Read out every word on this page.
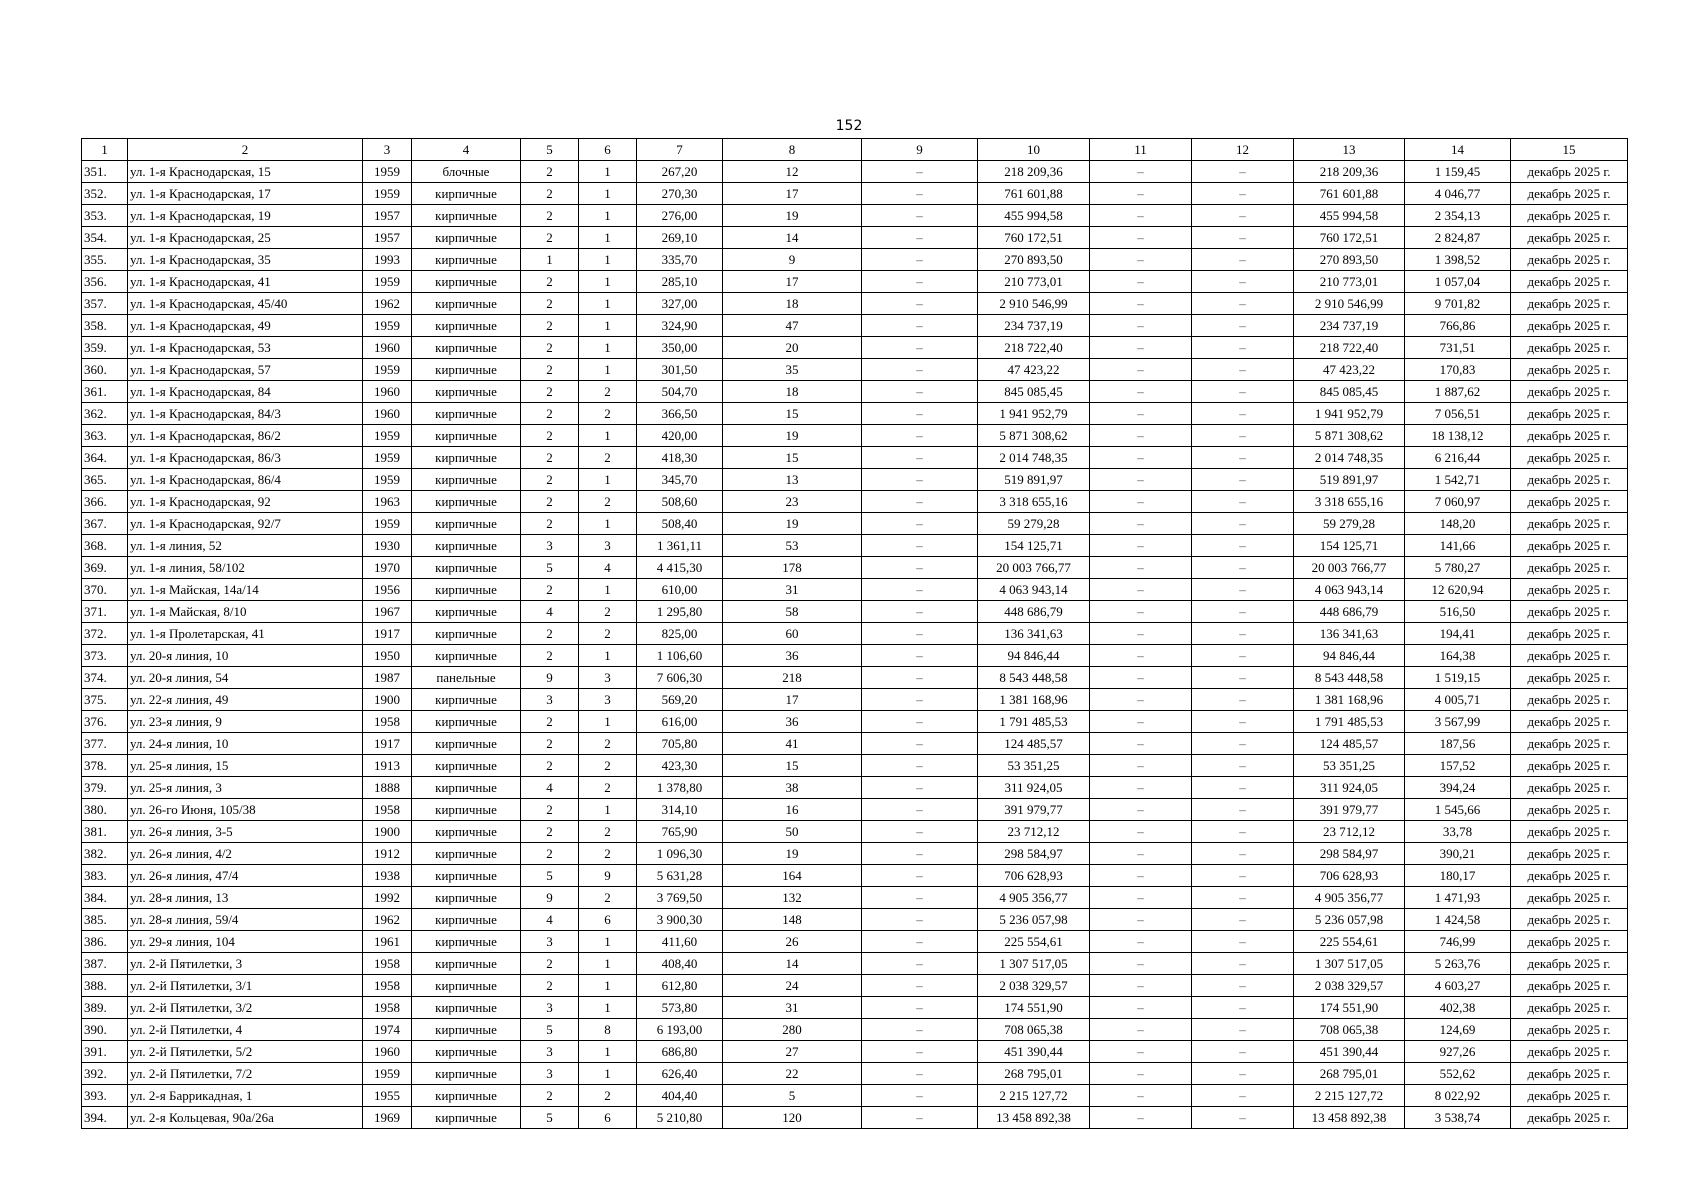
152
1	2	3	4	5	6	7	8	9	10	11	12	13	14	15
351.	ул. 1-я Краснодарская, 15	1959	блочные	2	1	267,20	12	–	218 209,36	–	–	218 209,36	1 159,45	декабрь 2025 г.
352.	ул. 1-я Краснодарская, 17	1959	кирпичные	2	1	270,30	17	–	761 601,88	–	–	761 601,88	4 046,77	декабрь 2025 г.
353.	ул. 1-я Краснодарская, 19	1957	кирпичные	2	1	276,00	19	–	455 994,58	–	–	455 994,58	2 354,13	декабрь 2025 г.
354.	ул. 1-я Краснодарская, 25	1957	кирпичные	2	1	269,10	14	–	760 172,51	–	–	760 172,51	2 824,87	декабрь 2025 г.
355.	ул. 1-я Краснодарская, 35	1993	кирпичные	1	1	335,70	9	–	270 893,50	–	–	270 893,50	1 398,52	декабрь 2025 г.
356.	ул. 1-я Краснодарская, 41	1959	кирпичные	2	1	285,10	17	–	210 773,01	–	–	210 773,01	1 057,04	декабрь 2025 г.
357.	ул. 1-я Краснодарская, 45/40	1962	кирпичные	2	1	327,00	18	–	2 910 546,99	–	–	2 910 546,99	9 701,82	декабрь 2025 г.
358.	ул. 1-я Краснодарская, 49	1959	кирпичные	2	1	324,90	47	–	234 737,19	–	–	234 737,19	766,86	декабрь 2025 г.
359.	ул. 1-я Краснодарская, 53	1960	кирпичные	2	1	350,00	20	–	218 722,40	–	–	218 722,40	731,51	декабрь 2025 г.
360.	ул. 1-я Краснодарская, 57	1959	кирпичные	2	1	301,50	35	–	47 423,22	–	–	47 423,22	170,83	декабрь 2025 г.
361.	ул. 1-я Краснодарская, 84	1960	кирпичные	2	2	504,70	18	–	845 085,45	–	–	845 085,45	1 887,62	декабрь 2025 г.
362.	ул. 1-я Краснодарская, 84/3	1960	кирпичные	2	2	366,50	15	–	1 941 952,79	–	–	1 941 952,79	7 056,51	декабрь 2025 г.
363.	ул. 1-я Краснодарская, 86/2	1959	кирпичные	2	1	420,00	19	–	5 871 308,62	–	–	5 871 308,62	18 138,12	декабрь 2025 г.
364.	ул. 1-я Краснодарская, 86/3	1959	кирпичные	2	2	418,30	15	–	2 014 748,35	–	–	2 014 748,35	6 216,44	декабрь 2025 г.
365.	ул. 1-я Краснодарская, 86/4	1959	кирпичные	2	1	345,70	13	–	519 891,97	–	–	519 891,97	1 542,71	декабрь 2025 г.
366.	ул. 1-я Краснодарская, 92	1963	кирпичные	2	2	508,60	23	–	3 318 655,16	–	–	3 318 655,16	7 060,97	декабрь 2025 г.
367.	ул. 1-я Краснодарская, 92/7	1959	кирпичные	2	1	508,40	19	–	59 279,28	–	–	59 279,28	148,20	декабрь 2025 г.
368.	ул. 1-я линия, 52	1930	кирпичные	3	3	1 361,11	53	–	154 125,71	–	–	154 125,71	141,66	декабрь 2025 г.
369.	ул. 1-я линия, 58/102	1970	кирпичные	5	4	4 415,30	178	–	20 003 766,77	–	–	20 003 766,77	5 780,27	декабрь 2025 г.
370.	ул. 1-я Майская, 14а/14	1956	кирпичные	2	1	610,00	31	–	4 063 943,14	–	–	4 063 943,14	12 620,94	декабрь 2025 г.
371.	ул. 1-я Майская, 8/10	1967	кирпичные	4	2	1 295,80	58	–	448 686,79	–	–	448 686,79	516,50	декабрь 2025 г.
372.	ул. 1-я Пролетарская, 41	1917	кирпичные	2	2	825,00	60	–	136 341,63	–	–	136 341,63	194,41	декабрь 2025 г.
373.	ул. 20-я линия, 10	1950	кирпичные	2	1	1 106,60	36	–	94 846,44	–	–	94 846,44	164,38	декабрь 2025 г.
374.	ул. 20-я линия, 54	1987	панельные	9	3	7 606,30	218	–	8 543 448,58	–	–	8 543 448,58	1 519,15	декабрь 2025 г.
375.	ул. 22-я линия, 49	1900	кирпичные	3	3	569,20	17	–	1 381 168,96	–	–	1 381 168,96	4 005,71	декабрь 2025 г.
376.	ул. 23-я линия, 9	1958	кирпичные	2	1	616,00	36	–	1 791 485,53	–	–	1 791 485,53	3 567,99	декабрь 2025 г.
377.	ул. 24-я линия, 10	1917	кирпичные	2	2	705,80	41	–	124 485,57	–	–	124 485,57	187,56	декабрь 2025 г.
378.	ул. 25-я линия, 15	1913	кирпичные	2	2	423,30	15	–	53 351,25	–	–	53 351,25	157,52	декабрь 2025 г.
379.	ул. 25-я линия, 3	1888	кирпичные	4	2	1 378,80	38	–	311 924,05	–	–	311 924,05	394,24	декабрь 2025 г.
380.	ул. 26-го Июня, 105/38	1958	кирпичные	2	1	314,10	16	–	391 979,77	–	–	391 979,77	1 545,66	декабрь 2025 г.
381.	ул. 26-я линия, 3-5	1900	кирпичные	2	2	765,90	50	–	23 712,12	–	–	23 712,12	33,78	декабрь 2025 г.
382.	ул. 26-я линия, 4/2	1912	кирпичные	2	2	1 096,30	19	–	298 584,97	–	–	298 584,97	390,21	декабрь 2025 г.
383.	ул. 26-я линия, 47/4	1938	кирпичные	5	9	5 631,28	164	–	706 628,93	–	–	706 628,93	180,17	декабрь 2025 г.
384.	ул. 28-я линия, 13	1992	кирпичные	9	2	3 769,50	132	–	4 905 356,77	–	–	4 905 356,77	1 471,93	декабрь 2025 г.
385.	ул. 28-я линия, 59/4	1962	кирпичные	4	6	3 900,30	148	–	5 236 057,98	–	–	5 236 057,98	1 424,58	декабрь 2025 г.
386.	ул. 29-я линия, 104	1961	кирпичные	3	1	411,60	26	–	225 554,61	–	–	225 554,61	746,99	декабрь 2025 г.
387.	ул. 2-й Пятилетки, 3	1958	кирпичные	2	1	408,40	14	–	1 307 517,05	–	–	1 307 517,05	5 263,76	декабрь 2025 г.
388.	ул. 2-й Пятилетки, 3/1	1958	кирпичные	2	1	612,80	24	–	2 038 329,57	–	–	2 038 329,57	4 603,27	декабрь 2025 г.
389.	ул. 2-й Пятилетки, 3/2	1958	кирпичные	3	1	573,80	31	–	174 551,90	–	–	174 551,90	402,38	декабрь 2025 г.
390.	ул. 2-й Пятилетки, 4	1974	кирпичные	5	8	6 193,00	280	–	708 065,38	–	–	708 065,38	124,69	декабрь 2025 г.
391.	ул. 2-й Пятилетки, 5/2	1960	кирпичные	3	1	686,80	27	–	451 390,44	–	–	451 390,44	927,26	декабрь 2025 г.
392.	ул. 2-й Пятилетки, 7/2	1959	кирпичные	3	1	626,40	22	–	268 795,01	–	–	268 795,01	552,62	декабрь 2025 г.
393.	ул. 2-я Баррикадная, 1	1955	кирпичные	2	2	404,40	5	–	2 215 127,72	–	–	2 215 127,72	8 022,92	декабрь 2025 г.
394.	ул. 2-я Кольцевая, 90а/26а	1969	кирпичные	5	6	5 210,80	120	–	13 458 892,38	–	–	13 458 892,38	3 538,74	декабрь 2025 г.
